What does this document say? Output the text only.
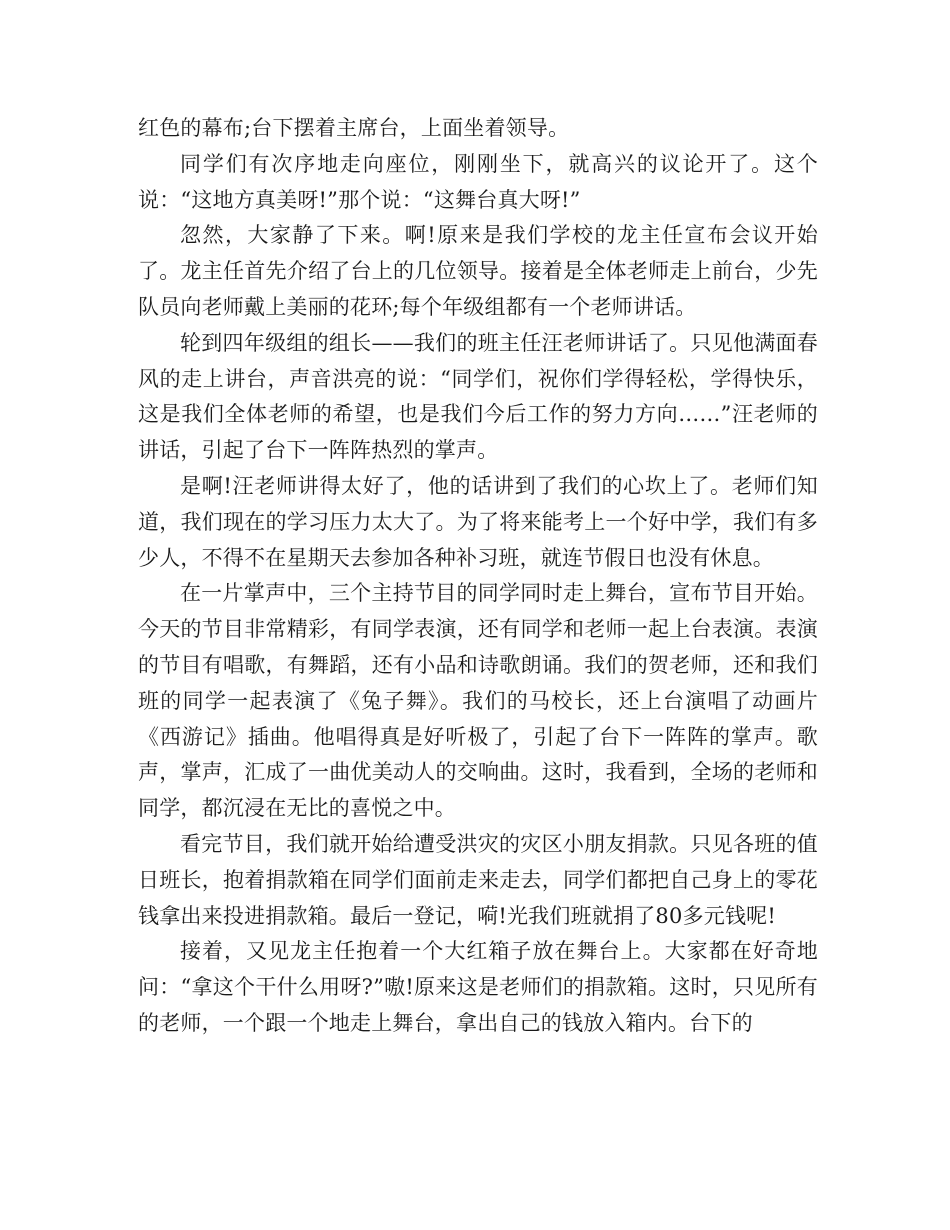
红色的幕布;台下摆着主席台，上面坐着领导。

同学们有次序地走向座位，刚刚坐下，就高兴的议论开了。这个说：“这地方真美呀!”那个说：“这舞台真大呀!”

忽然，大家静了下来。啊!原来是我们学校的龙主任宣布会议开始了。龙主任首先介绍了台上的几位领导。接着是全体老师走上前台，少先队员向老师戴上美丽的花环;每个年级组都有一个老师讲话。

轮到四年级组的组长——我们的班主任汪老师讲话了。只见他满面春风的走上讲台，声音洪亮的说：“同学们，祝你们学得轻松，学得快乐，这是我们全体老师的希望，也是我们今后工作的努力方向……”汪老师的讲话，引起了台下一阵阵热烈的掌声。

是啊!汪老师讲得太好了，他的话讲到了我们的心坎上了。老师们知道，我们现在的学习压力太大了。为了将来能考上一个好中学，我们有多少人，不得不在星期天去参加各种补习班，就连节假日也没有休息。

在一片掌声中，三个主持节目的同学同时走上舞台，宣布节目开始。今天的节目非常精彩，有同学表演，还有同学和老师一起上台表演。表演的节目有唱歌，有舞蹈，还有小品和诗歌朗诵。我们的贺老师，还和我们班的同学一起表演了《兔子舞》。我们的马校长，还上台演唱了动画片《西游记》插曲。他唱得真是好听极了，引起了台下一阵阵的掌声。歌声，掌声，汇成了一曲优美动人的交响曲。这时，我看到，全场的老师和同学，都沉浸在无比的喜悦之中。

看完节目，我们就开始给遭受洪灾的灾区小朋友捐款。只见各班的值日班长，抱着捐款箱在同学们面前走来走去，同学们都把自己身上的零花钱拿出来投进捐款箱。最后一登记，嗬!光我们班就捐了80多元钱呢!

接着，又见龙主任抱着一个大红箱子放在舞台上。大家都在好奇地问：“拿这个干什么用呀?”嗷!原来这是老师们的捐款箱。这时，只见所有的老师，一个跟一个地走上舞台，拿出自己的钱放入箱内。台下的
